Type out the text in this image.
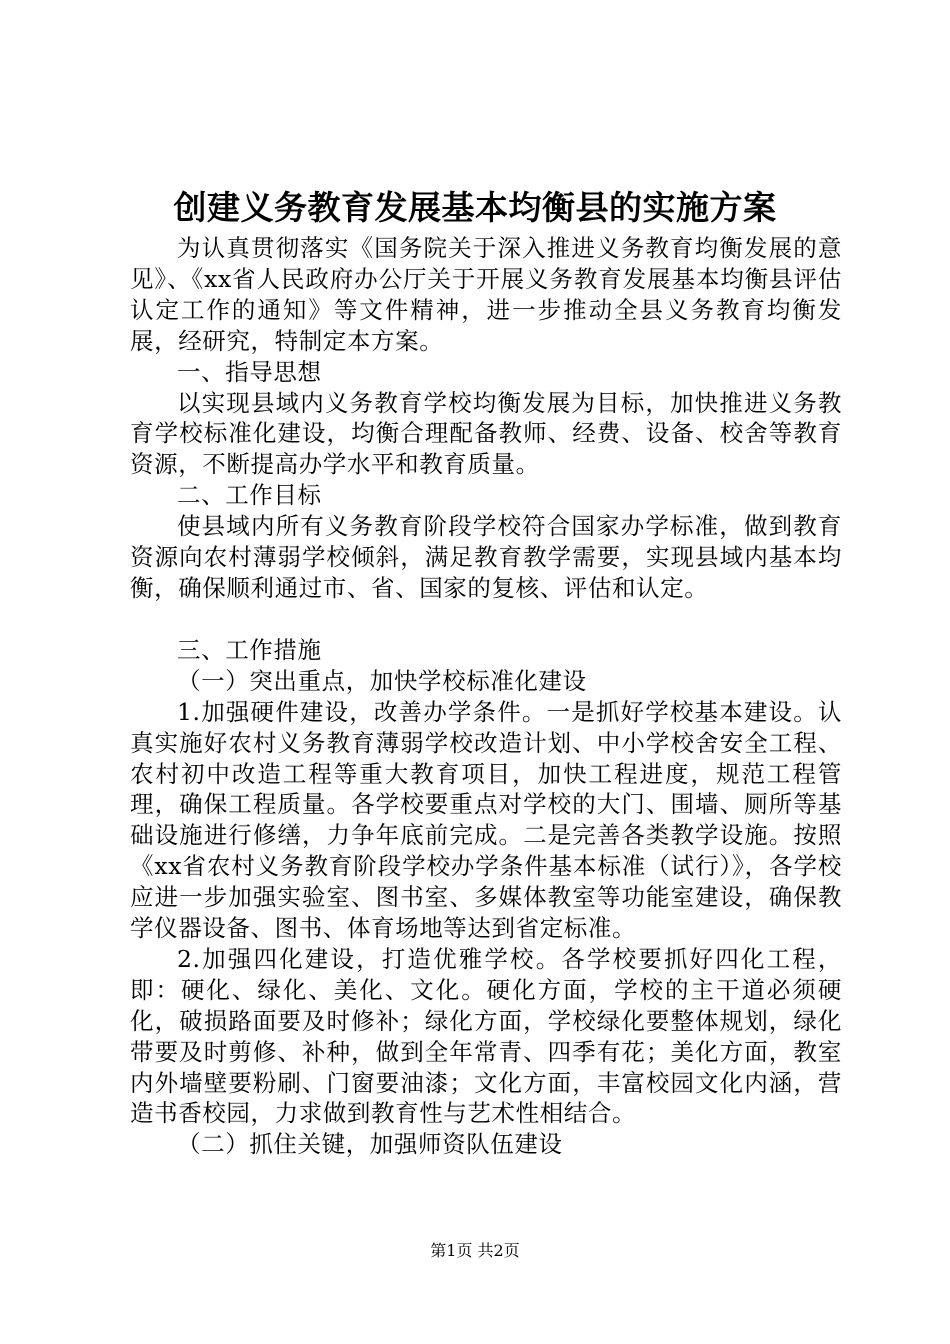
创建义务教育发展基本均衡县的实施方案

为认真贯彻落实《国务院关于深入推进义务教育均衡发展的意见》、《xx省人民政府办公厅关于开展义务教育发展基本均衡县评估认定工作的通知》等文件精神，进一步推动全县义务教育均衡发展，经研究，特制定本方案。

一、指导思想

以实现县域内义务教育学校均衡发展为目标，加快推进义务教育学校标准化建设，均衡合理配备教师、经费、设备、校舍等教育资源，不断提高办学水平和教育质量。

二、工作目标

使县域内所有义务教育阶段学校符合国家办学标准，做到教育资源向农村薄弱学校倾斜，满足教育教学需要，实现县域内基本均衡，确保顺利通过市、省、国家的复核、评估和认定。

三、工作措施

（一）突出重点，加快学校标准化建设

1.加强硬件建设，改善办学条件。一是抓好学校基本建设。认真实施好农村义务教育薄弱学校改造计划、中小学校舍安全工程、农村初中改造工程等重大教育项目，加快工程进度，规范工程管理，确保工程质量。各学校要重点对学校的大门、围墙、厕所等基础设施进行修缮，力争年底前完成。二是完善各类教学设施。按照《xx省农村义务教育阶段学校办学条件基本标准（试行）》，各学校应进一步加强实验室、图书室、多媒体教室等功能室建设，确保教学仪器设备、图书、体育场地等达到省定标准。

2.加强四化建设，打造优雅学校。各学校要抓好四化工程，即：硬化、绿化、美化、文化。硬化方面，学校的主干道必须硬化，破损路面要及时修补；绿化方面，学校绿化要整体规划，绿化带要及时剪修、补种，做到全年常青、四季有花；美化方面，教室内外墙壁要粉刷、门窗要油漆；文化方面，丰富校园文化内涵，营造书香校园，力求做到教育性与艺术性相结合。

（二）抓住关键，加强师资队伍建设

第1页 共2页
